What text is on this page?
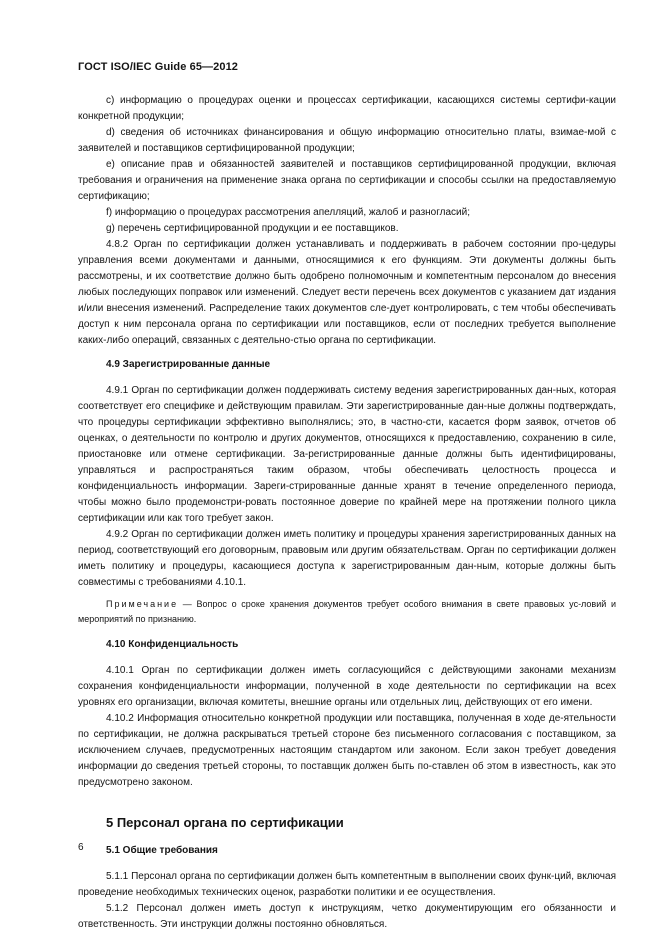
ГОСТ ISO/IEC Guide 65—2012

с) информацию о процедурах оценки и процессах сертификации, касающихся системы сертифи-кации конкретной продукции;

d) сведения об источниках финансирования и общую информацию относительно платы, взимае-мой с заявителей и поставщиков сертифицированной продукции;

е) описание прав и обязанностей заявителей и поставщиков сертифицированной продукции, включая требования и ограничения на применение знака органа по сертификации и способы ссылки на предоставляемую сертификацию;

f) информацию о процедурах рассмотрения апелляций, жалоб и разногласий;

g) перечень сертифицированной продукции и ее поставщиков.

4.8.2 Орган по сертификации должен устанавливать и поддерживать в рабочем состоянии про-цедуры управления всеми документами и данными, относящимися к его функциям. Эти документы должны быть рассмотрены, и их соответствие должно быть одобрено полномочным и компетентным персоналом до внесения любых последующих поправок или изменений. Следует вести перечень всех документов с указанием дат издания и/или внесения изменений. Распределение таких документов сле-дует контролировать, с тем чтобы обеспечивать доступ к ним персонала органа по сертификации или поставщиков, если от последних требуется выполнение каких-либо операций, связанных с деятельно-стью органа по сертификации.

4.9 Зарегистрированные данные

4.9.1 Орган по сертификации должен поддерживать систему ведения зарегистрированных дан-ных, которая соответствует его специфике и действующим правилам. Эти зарегистрированные дан-ные должны подтверждать, что процедуры сертификации эффективно выполнялись; это, в частно-сти, касается форм заявок, отчетов об оценках, о деятельности по контролю и других документов, относящихся к предоставлению, сохранению в силе, приостановке или отмене сертификации. За-регистрированные данные должны быть идентифицированы, управляться и распространяться таким образом, чтобы обеспечивать целостность процесса и конфиденциальность информации. Зареги-стрированные данные хранят в течение определенного периода, чтобы можно было продемонстри-ровать постоянное доверие по крайней мере на протяжении полного цикла сертификации или как того требует закон.

4.9.2 Орган по сертификации должен иметь политику и процедуры хранения зарегистрированных данных на период, соответствующий его договорным, правовым или другим обязательствам. Орган по сертификации должен иметь политику и процедуры, касающиеся доступа к зарегистрированным дан-ным, которые должны быть совместимы с требованиями 4.10.1.

Примечание — Вопрос о сроке хранения документов требует особого внимания в свете правовых ус-ловий и мероприятий по признанию.

4.10 Конфиденциальность

4.10.1 Орган по сертификации должен иметь согласующийся с действующими законами механизм сохранения конфиденциальности информации, полученной в ходе деятельности по сертификации на всех уровнях его организации, включая комитеты, внешние органы или отдельных лиц, действующих от его имени.

4.10.2 Информация относительно конкретной продукции или поставщика, полученная в ходе де-ятельности по сертификации, не должна раскрываться третьей стороне без письменного согласования с поставщиком, за исключением случаев, предусмотренных настоящим стандартом или законом. Если закон требует доведения информации до сведения третьей стороны, то поставщик должен быть по-ставлен об этом в известность, как это предусмотрено законом.

5 Персонал органа по сертификации
5.1 Общие требования

5.1.1 Персонал органа по сертификации должен быть компетентным в выполнении своих функ-ций, включая проведение необходимых технических оценок, разработки политики и ее осуществления.

5.1.2 Персонал должен иметь доступ к инструкциям, четко документирующим его обязанности и ответственность. Эти инструкции должны постоянно обновляться.

6
